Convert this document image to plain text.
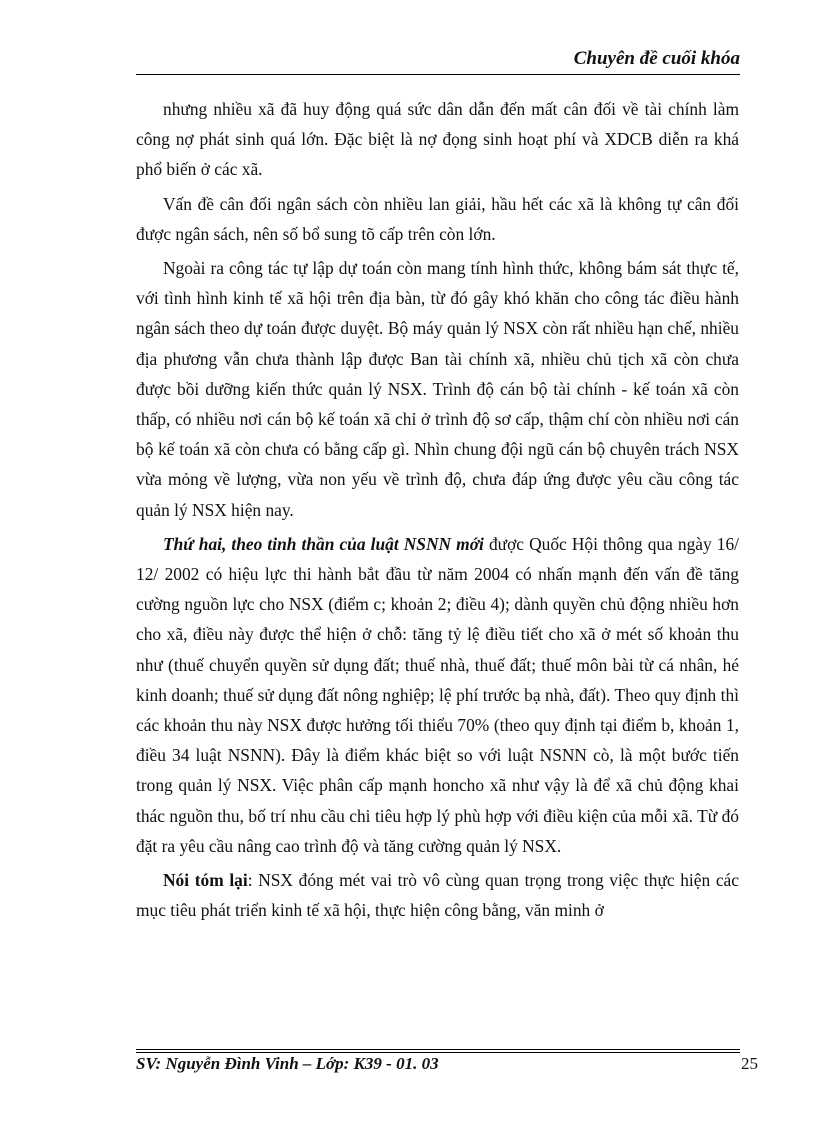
Chuyên đề cuối khóa

nhưng nhiều xã đã huy động quá sức dân dẫn đến mất cân đối về tài chính làm công nợ phát sinh quá lớn. Đặc biệt là nợ đọng sinh hoạt phí và XDCB diễn ra khá phổ biến ở các xã.

Vấn đề cân đối ngân sách còn nhiều lan giải, hầu hết các xã là không tự cân đối được ngân sách, nên số bổ sung tõ cấp trên còn lớn.

Ngoài ra công tác tự lập dự toán còn mang tính hình thức, không bám sát thực tế, với tình hình kinh tế xã hội trên địa bàn, từ đó gây khó khăn cho công tác điều hành ngân sách theo dự toán được duyệt. Bộ máy quản lý NSX còn rất nhiều hạn chế, nhiều địa phương vẫn chưa thành lập được Ban tài chính xã, nhiều chủ tịch xã còn chưa được bồi dưỡng kiến thức quản lý NSX. Trình độ cán bộ tài chính - kế toán xã còn thấp, có nhiều nơi cán bộ kế toán xã chỉ ở trình độ sơ cấp, thậm chí còn nhiều nơi cán bộ kế toán xã còn chưa có bằng cấp gì. Nhìn chung đội ngũ cán bộ chuyên trách NSX vừa mỏng về lượng, vừa non yếu về trình độ, chưa đáp ứng được yêu cầu công tác quản lý NSX hiện nay.

Thứ hai, theo tinh thần của luật NSNN mới được Quốc Hội thông qua ngày 16/ 12/ 2002 có hiệu lực thi hành bắt đầu từ năm 2004 có nhấn mạnh đến vấn đề tăng cường nguồn lực cho NSX (điểm c; khoản 2; điều 4); dành quyền chủ động nhiều hơn cho xã, điều này được thể hiện ở chỗ: tăng tỷ lệ điều tiết cho xã ở mét số khoản thu như (thuế chuyển quyền sử dụng đất; thuế nhà, thuế đất; thuế môn bài từ cá nhân, hé kinh doanh; thuế sử dụng đất nông nghiệp; lệ phí trước bạ nhà, đất). Theo quy định thì các khoản thu này NSX được hưởng tối thiểu 70% (theo quy định tại điểm b, khoản 1, điều 34 luật NSNN). Đây là điểm khác biệt so với luật NSNN cò, là một bước tiến trong quản lý NSX. Việc phân cấp mạnh honcho xã như vậy là để xã chủ động khai thác nguồn thu, bố trí nhu cầu chi tiêu hợp lý phù hợp với điều kiện của mỗi xã. Từ đó đặt ra yêu cầu nâng cao trình độ và tăng cường quản lý NSX.

Nói tóm lại: NSX đóng mét vai trò vô cùng quan trọng trong việc thực hiện các mục tiêu phát triển kinh tế xã hội, thực hiện công bằng, văn minh ở

SV: Nguyễn Đình Vinh – Lớp: K39 - 01. 03	25
